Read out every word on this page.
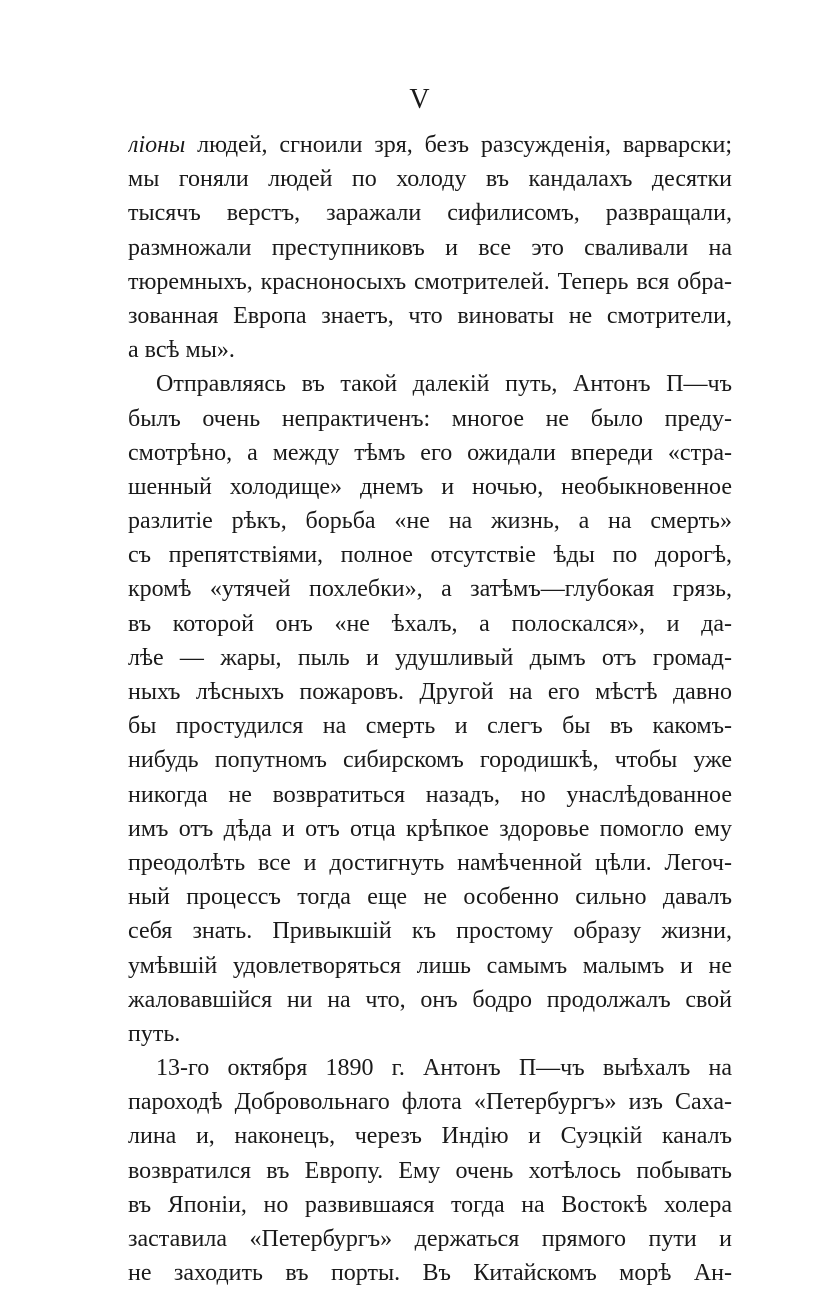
V
лiоны людей, сгноили зря, безъ разсужденiя, варварски;
мы гоняли людей по холоду въ кандалахъ десятки
тысячъ верстъ, заражали сифилисомъ, развращали,
размножали преступниковъ и все это сваливали на
тюремныхъ, красноносыхъ смотрителей. Теперь вся обра-
зованная Европа знаетъ, что виноваты не смотрители,
а всѣ мы».
Отправляясь въ такой далекiй путь, Антонъ П—чъ
былъ очень непрактиченъ: многое не было преду-
смотрѣно, а между тѣмъ его ожидали впереди «стра-
шенный холодище» днемъ и ночью, необыкновенное
разлитiе рѣкъ, борьба «не на жизнь, а на смерть»
съ препятствiями, полное отсутствiе ѣды по дорогѣ,
кромѣ «утячей похлебки», а затѣмъ—глубокая грязь,
въ которой онъ «не ѣхалъ, а полоскался», и да-
лѣе — жары, пыль и удушливый дымъ отъ громад-
ныхъ лѣсныхъ пожаровъ. Другой на его мѣстѣ давно
бы простудился на смерть и слегъ бы въ какомъ-
нибудь попутномъ сибирскомъ городишкѣ, чтобы уже
никогда не возвратиться назадъ, но унаслѣдованное
имъ отъ дѣда и отъ отца крѣпкое здоровье помогло ему
преодолѣть все и достигнуть намѣченной цѣли. Легоч-
ный процессъ тогда еще не особенно сильно давалъ
себя знать. Привыкшiй къ простому образу жизни,
умѣвшiй удовлетворяться лишь самымъ малымъ и не
жаловавшiйся ни на что, онъ бодро продолжалъ свой
путь.
13-го октября 1890 г. Антонъ П—чъ выѣхалъ на
пароходѣ Добровольнаго флота «Петербургъ» изъ Саха-
лина и, наконецъ, черезъ Индiю и Суэцкiй каналъ
возвратился въ Европу. Ему очень хотѣлось побывать
въ Японiи, но развившаяся тогда на Востокѣ холера
заставила «Петербургъ» держаться прямого пути и
не заходить въ порты. Въ Китайскомъ морѣ Ан-
